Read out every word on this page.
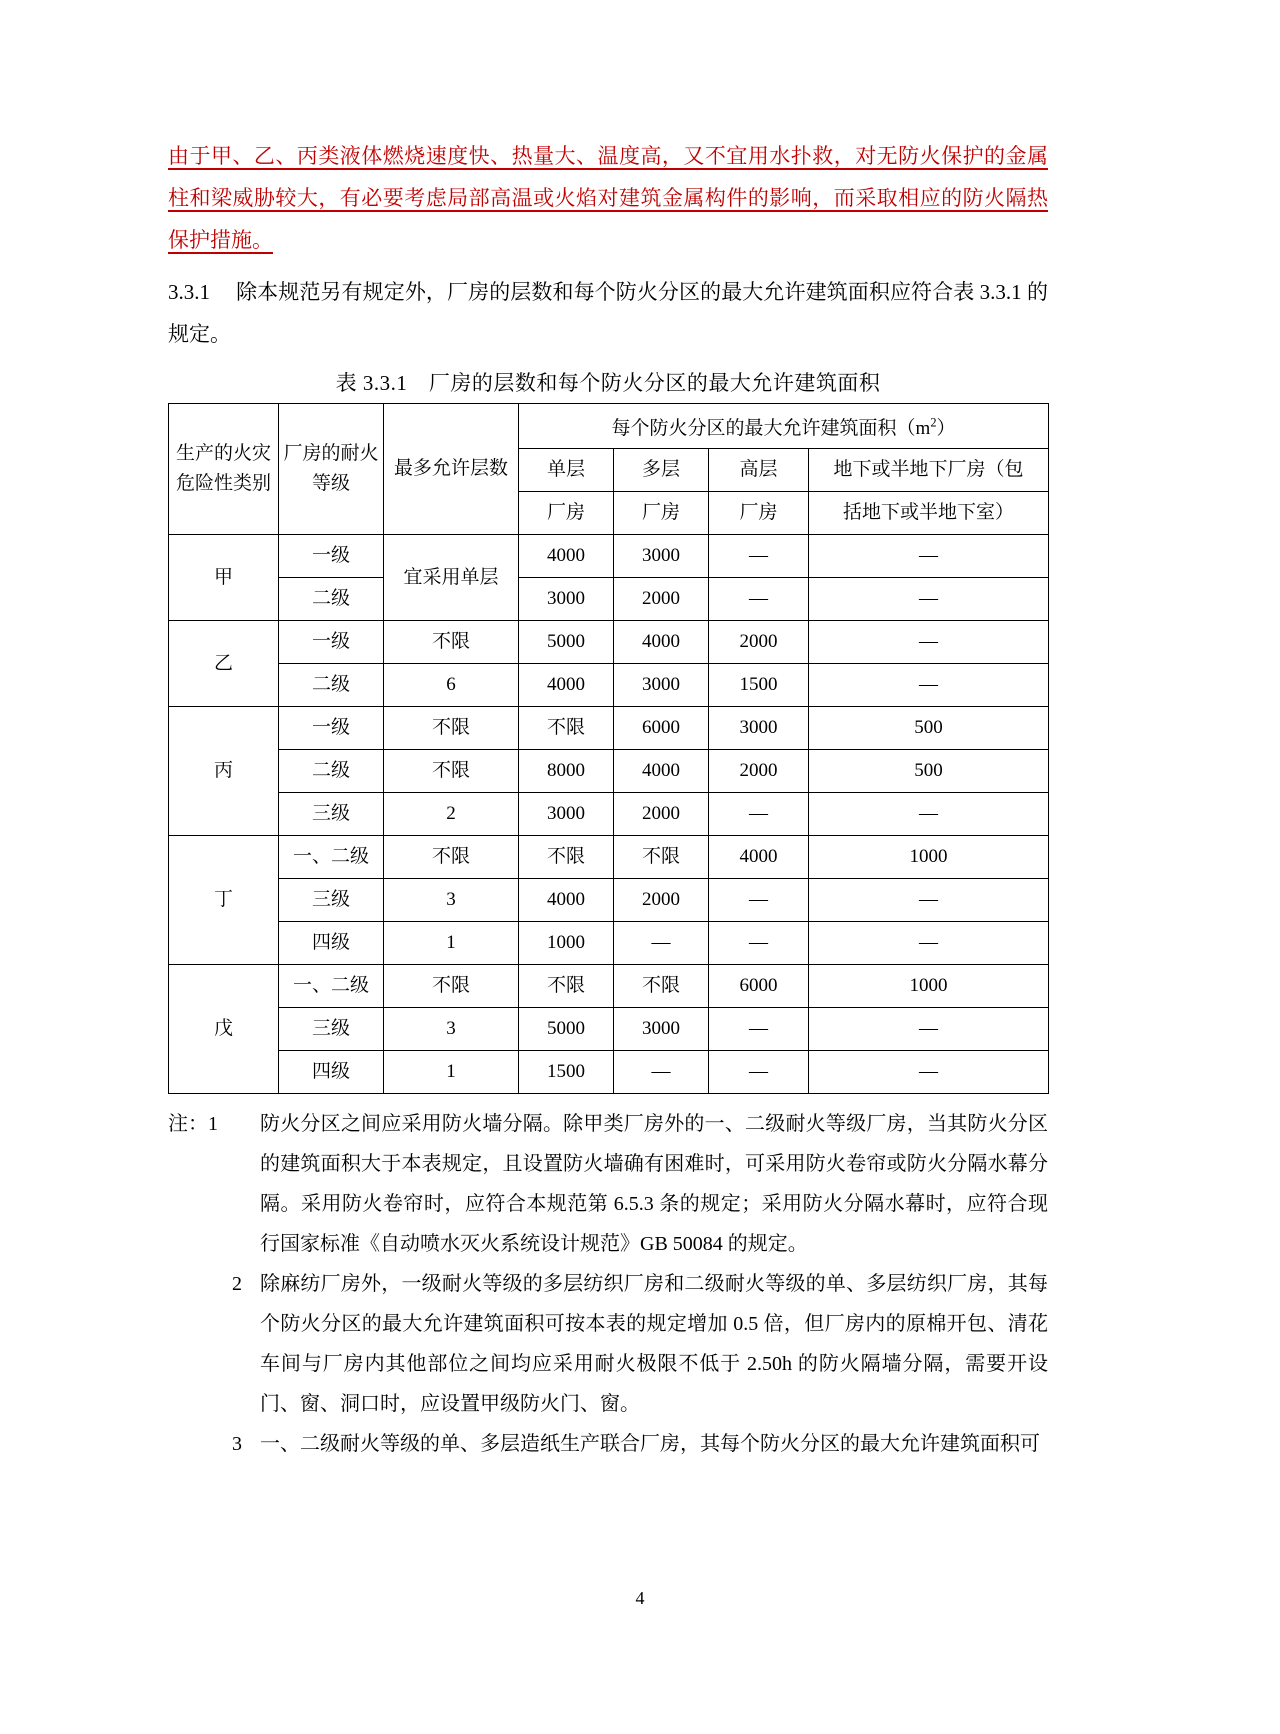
由于甲、乙、丙类液体燃烧速度快、热量大、温度高，又不宜用水扑救，对无防火保护的金属柱和梁威胁较大，有必要考虑局部高温或火焰对建筑金属构件的影响，而采取相应的防火隔热保护措施。

3.3.1 除本规范另有规定外，厂房的层数和每个防火分区的最大允许建筑面积应符合表 3.3.1 的规定。

表 3.3.1　厂房的层数和每个防火分区的最大允许建筑面积
生产的火灾危险性类别	厂房的耐火等级	最多允许层数	每个防火分区的最大允许建筑面积$(m^2)$			
			单层	多层	高层	地下或半地下厂房（包
			厂房	厂房	厂房	括地下或半地下室）
甲	一级	宜采用单层	4000	3000	—	—
	二级		3000	2000	—	—
乙	一级	不限	5000	4000	2000	—
	二级	6	4000	3000	1500	—
丙	一级	不限	不限	6000	3000	500
	二级	不限	8000	4000	2000	500
	三级	2	3000	2000	—	—
丁	一、二级	不限	不限	不限	4000	1000
	三级	3	4000	2000	—	—
	四级	1	1000	—	—	—
戊	一、二级	不限	不限	不限	6000	1000
	三级	3	5000	3000	—	—
	四级	1	1500	—	—	—
注：1	防火分区之间应采用防火墙分隔。除甲类厂房外的一、二级耐火等级厂房，当其防火分区的建筑面积大于本表规定，且设置防火墙确有困难时，可采用防火卷帘或防火分隔水幕分隔。采用防火卷帘时，应符合本规范第 6.5.3 条的规定；采用防火分隔水幕时，应符合现行国家标准《自动喷水灭火系统设计规范》GB 50084 的规定。
2 除麻纺厂房外，一级耐火等级的多层纺织厂房和二级耐火等级的单、多层纺织厂房，其每个防火分区的最大允许建筑面积可按本表的规定增加 0.5 倍，但厂房内的原棉开包、清花车间与厂房内其他部位之间均应采用耐火极限不低于 2.50h 的防火隔墙分隔，需要开设门、窗、洞口时，应设置甲级防火门、窗。
3 一、二级耐火等级的单、多层造纸生产联合厂房，其每个防火分区的最大允许建筑面积可
4
